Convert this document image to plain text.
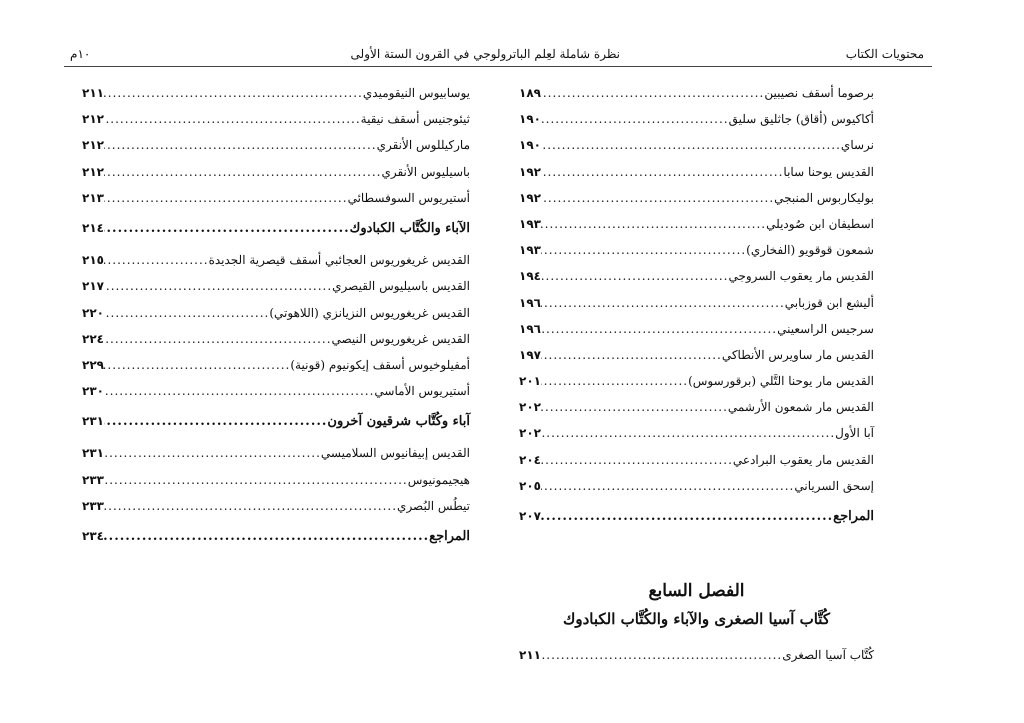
محتويات الكتاب
نظرة شاملة لعِلم الباترولوجي في القرون الستة الأولى
١٠م
برصوما أسقف نصيبين
.....
١٨٩
أكاكيوس (أقاق) جاثليق سليق
.....
١٩٠
نرساي
.....
١٩٠
القديس يوحنا سابا
.....
١٩٢
بوليكاربوس المنبجي
.....
١٩٢
اسطيفان ابن صُوديلي
.....
١٩٣
شمعون قوقويو (الفخاري)
.....
١٩٣
القديس مار يعقوب السروجي
.....
١٩٤
أليشع ابن قوزبابي
.....
١٩٦
سرجيس الراسعيني
.....
١٩٦
القديس مار ساويرس الأنطاكي
.....
١٩٧
القديس مار يوحنا التَّلي (برقورسوس)
.....
٢٠١
القديس مار شمعون الأرشمي
.....
٢٠٢
آبا الأول
.....
٢٠٢
القديس مار يعقوب البرادعي
.....
٢٠٤
إسحق السرياني
.....
٢٠٥
المراجع
.....
٢٠٧
الفصل السابع
كُتَّاب آسيا الصغرى والآباء والكُتَّاب الكبادوك
كُتَّاب آسيا الصغرى
.....
٢١١
يوسابيوس النيقوميدي
.....
٢١١
ثيئوجنيس أسقف نيقية
.....
٢١٢
ماركيللوس الأنقري
.....
٢١٢
باسيليوس الأنقري
.....
٢١٢
أستيريوس السوفسطائي
.....
٢١٣
الآباء والكُتَّاب الكبادوك
.....
٢١٤
القديس غريغوريوس العجائبي أسقف قيصرية الجديدة
.....
٢١٥
القديس باسيليوس القيصري
.....
٢١٧
القديس غريغوريوس النزيانزي (اللاهوتي)
.....
٢٢٠
القديس غريغوريوس النيصي
.....
٢٢٤
أمفيلوخيوس أسقف إيكونيوم (قونية)
.....
٢٢٩
أستيريوس الأماسي
.....
٢٣٠
آباء وكُتَّاب شرقيون آخرون
.....
٢٣١
القديس إبيفانيوس السلاميسي
.....
٢٣١
هيجيمونيوس
.....
٢٣٣
تيطُس البُصري
.....
٢٣٣
المراجع
.....
٢٣٤
